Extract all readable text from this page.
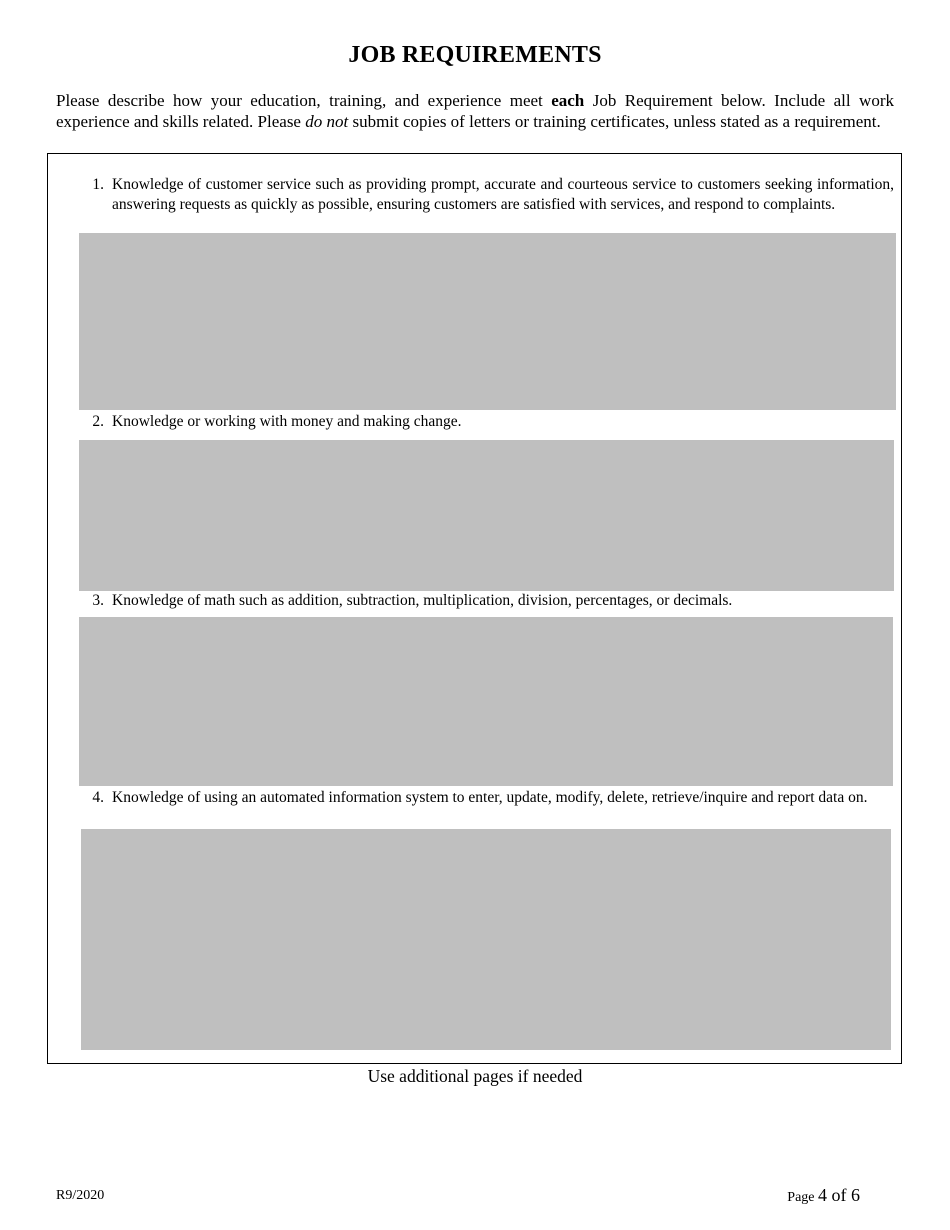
JOB REQUIREMENTS
Please describe how your education, training, and experience meet each Job Requirement below. Include all work experience and skills related. Please do not submit copies of letters or training certificates, unless stated as a requirement.
1. Knowledge of customer service such as providing prompt, accurate and courteous service to customers seeking information, answering requests as quickly as possible, ensuring customers are satisfied with services, and respond to complaints.
2. Knowledge or working with money and making change.
3. Knowledge of math such as addition, subtraction, multiplication, division, percentages, or decimals.
4. Knowledge of using an automated information system to enter, update, modify, delete, retrieve/inquire and report data on.
Use additional pages if needed
R9/2020	Page 4 of 6
